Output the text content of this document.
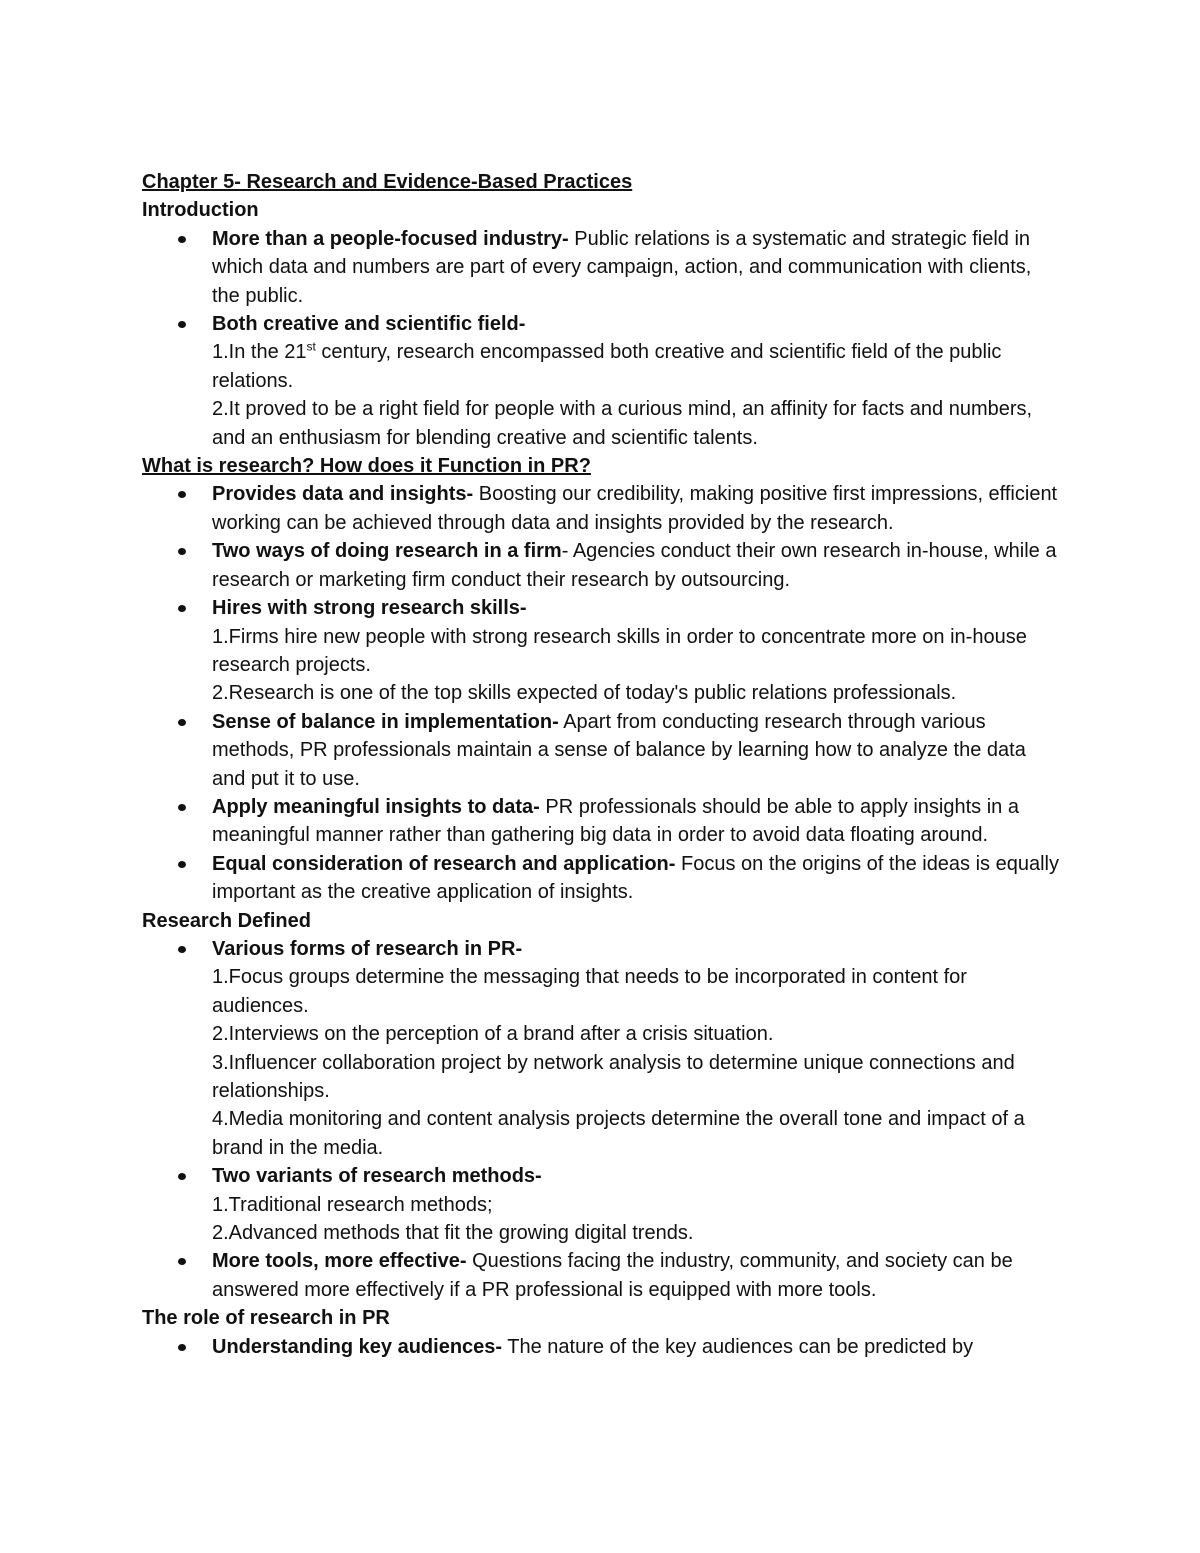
Chapter 5- Research and Evidence-Based Practices

Introduction

More than a people-focused industry- Public relations is a systematic and strategic field in which data and numbers are part of every campaign, action, and communication with clients, the public.
Both creative and scientific field-
1.In the 21st century, research encompassed both creative and scientific field of the public relations.
2.It proved to be a right field for people with a curious mind, an affinity for facts and numbers, and an enthusiasm for blending creative and scientific talents.

What is research? How does it Function in PR?

Provides data and insights- Boosting our credibility, making positive first impressions, efficient working can be achieved through data and insights provided by the research.
Two ways of doing research in a firm- Agencies conduct their own research in-house, while a research or marketing firm conduct their research by outsourcing.
Hires with strong research skills-
1.Firms hire new people with strong research skills in order to concentrate more on in-house research projects.
2.Research is one of the top skills expected of today's public relations professionals.
Sense of balance in implementation- Apart from conducting research through various methods, PR professionals maintain a sense of balance by learning how to analyze the data and put it to use.
Apply meaningful insights to data- PR professionals should be able to apply insights in a meaningful manner rather than gathering big data in order to avoid data floating around.
Equal consideration of research and application- Focus on the origins of the ideas is equally important as the creative application of insights.

Research Defined

Various forms of research in PR-
1.Focus groups determine the messaging that needs to be incorporated in content for audiences.
2.Interviews on the perception of a brand after a crisis situation.
3.Influencer collaboration project by network analysis to determine unique connections and relationships.
4.Media monitoring and content analysis projects determine the overall tone and impact of a brand in the media.
Two variants of research methods-
1.Traditional research methods;
2.Advanced methods that fit the growing digital trends.
More tools, more effective- Questions facing the industry, community, and society can be answered more effectively if a PR professional is equipped with more tools.

The role of research in PR

Understanding key audiences- The nature of the key audiences can be predicted by
